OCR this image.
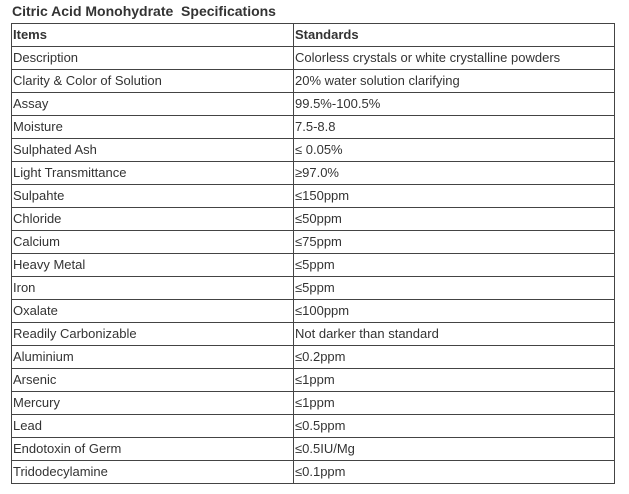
Citric Acid Monohydrate  Specifications
Items	Standards
Description	Colorless crystals or white crystalline powders
Clarity & Color of Solution	20% water solution clarifying
Assay	99.5%-100.5%
Moisture	7.5-8.8
Sulphated Ash	≤ 0.05%
Light Transmittance	≥97.0%
Sulpahte	≤150ppm
Chloride	≤50ppm
Calcium	≤75ppm
Heavy Metal	≤5ppm
Iron	≤5ppm
Oxalate	≤100ppm
Readily Carbonizable	Not darker than standard
Aluminium	≤0.2ppm
Arsenic	≤1ppm
Mercury	≤1ppm
Lead	≤0.5ppm
Endotoxin of Germ	≤0.5IU/Mg
Tridodecylamine	≤0.1ppm
